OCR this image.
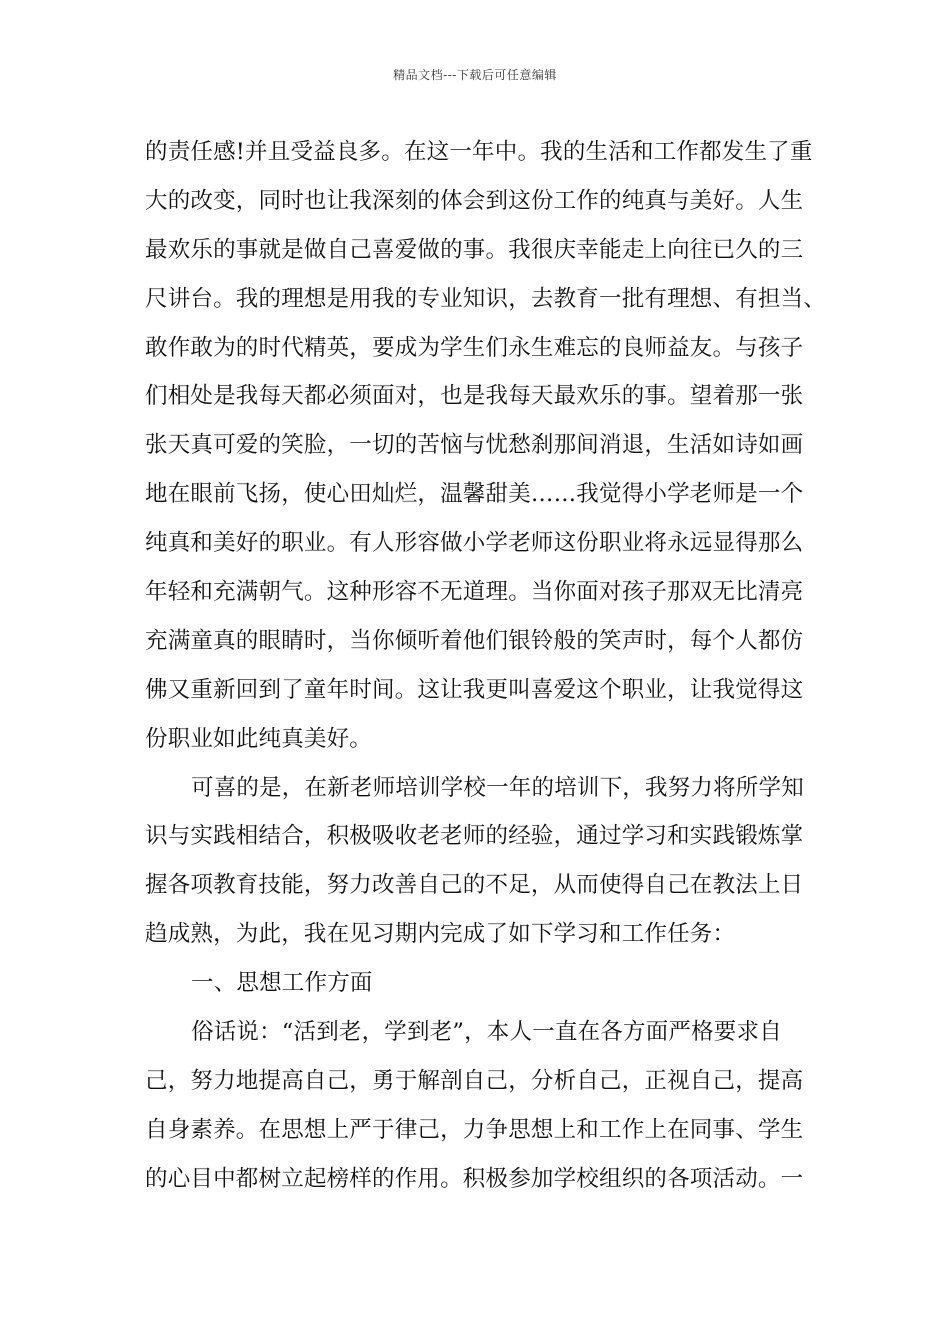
精品文档---下载后可任意编辑
的责任感!并且受益良多。在这一年中。我的生活和工作都发生了重
大的改变，同时也让我深刻的体会到这份工作的纯真与美好。人生
最欢乐的事就是做自己喜爱做的事。我很庆幸能走上向往已久的三
尺讲台。我的理想是用我的专业知识，去教育一批有理想、有担当、
敢作敢为的时代精英，要成为学生们永生难忘的良师益友。与孩子
们相处是我每天都必须面对，也是我每天最欢乐的事。望着那一张
张天真可爱的笑脸，一切的苦恼与忧愁刹那间消退，生活如诗如画
地在眼前飞扬，使心田灿烂，温馨甜美……我觉得小学老师是一个
纯真和美好的职业。有人形容做小学老师这份职业将永远显得那么
年轻和充满朝气。这种形容不无道理。当你面对孩子那双无比清亮
充满童真的眼睛时，当你倾听着他们银铃般的笑声时，每个人都仿
佛又重新回到了童年时间。这让我更叫喜爱这个职业，让我觉得这
份职业如此纯真美好。
可喜的是，在新老师培训学校一年的培训下，我努力将所学知
识与实践相结合，积极吸收老老师的经验，通过学习和实践锻炼掌
握各项教育技能，努力改善自己的不足，从而使得自己在教法上日
趋成熟，为此，我在见习期内完成了如下学习和工作任务：
一、思想工作方面
俗话说：“活到老，学到老”，本人一直在各方面严格要求自
己，努力地提高自己，勇于解剖自己，分析自己，正视自己，提高
自身素养。在思想上严于律己，力争思想上和工作上在同事、学生
的心目中都树立起榜样的作用。积极参加学校组织的各项活动。一
